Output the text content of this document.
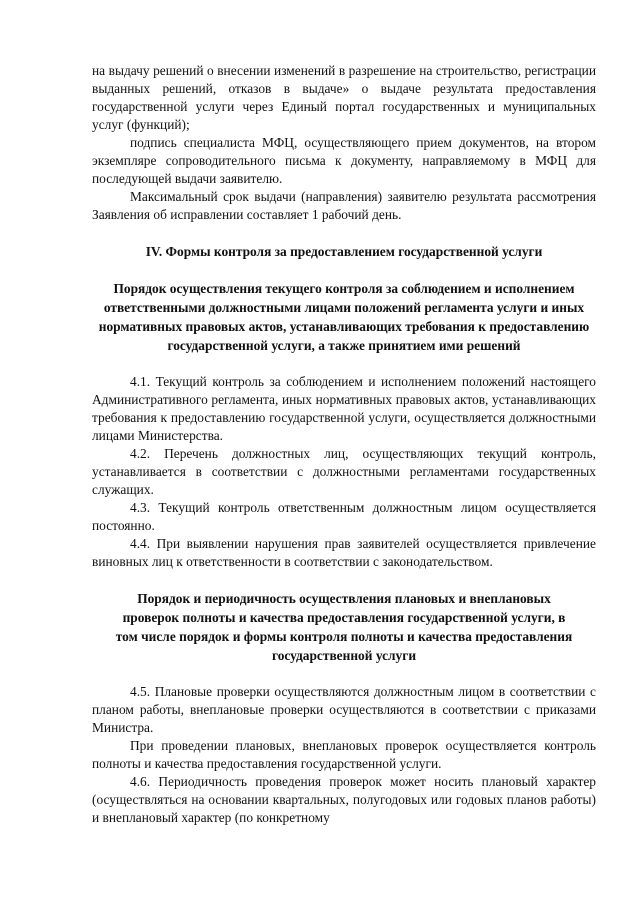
на выдачу решений о внесении изменений в разрешение на строительство, регистрации выданных решений, отказов в выдаче» о выдаче результата предоставления государственной услуги через Единый портал государственных и муниципальных услуг (функций);

подпись специалиста МФЦ, осуществляющего прием документов, на втором экземпляре сопроводительного письма к документу, направляемому в МФЦ для последующей выдачи заявителю.

Максимальный срок выдачи (направления) заявителю результата рассмотрения Заявления об исправлении составляет 1 рабочий день.

IV. Формы контроля за предоставлением государственной услуги

Порядок осуществления текущего контроля за соблюдением и исполнением ответственными должностными лицами положений регламента услуги и иных нормативных правовых актов, устанавливающих требования к предоставлению государственной услуги, а также принятием ими решений

4.1. Текущий контроль за соблюдением и исполнением положений настоящего Административного регламента, иных нормативных правовых актов, устанавливающих требования к предоставлению государственной услуги, осуществляется должностными лицами Министерства.

4.2. Перечень должностных лиц, осуществляющих текущий контроль, устанавливается в соответствии с должностными регламентами государственных служащих.

4.3. Текущий контроль ответственным должностным лицом осуществляется постоянно.

4.4. При выявлении нарушения прав заявителей осуществляется привлечение виновных лиц к ответственности в соответствии с законодательством.

Порядок и периодичность осуществления плановых и внеплановых проверок полноты и качества предоставления государственной услуги, в том числе порядок и формы контроля полноты и качества предоставления государственной услуги

4.5. Плановые проверки осуществляются должностным лицом в соответствии с планом работы, внеплановые проверки осуществляются в соответствии с приказами Министра.

При проведении плановых, внеплановых проверок осуществляется контроль полноты и качества предоставления государственной услуги.

4.6. Периодичность проведения проверок может носить плановый характер (осуществляться на основании квартальных, полугодовых или годовых планов работы) и внеплановый характер (по конкретному
